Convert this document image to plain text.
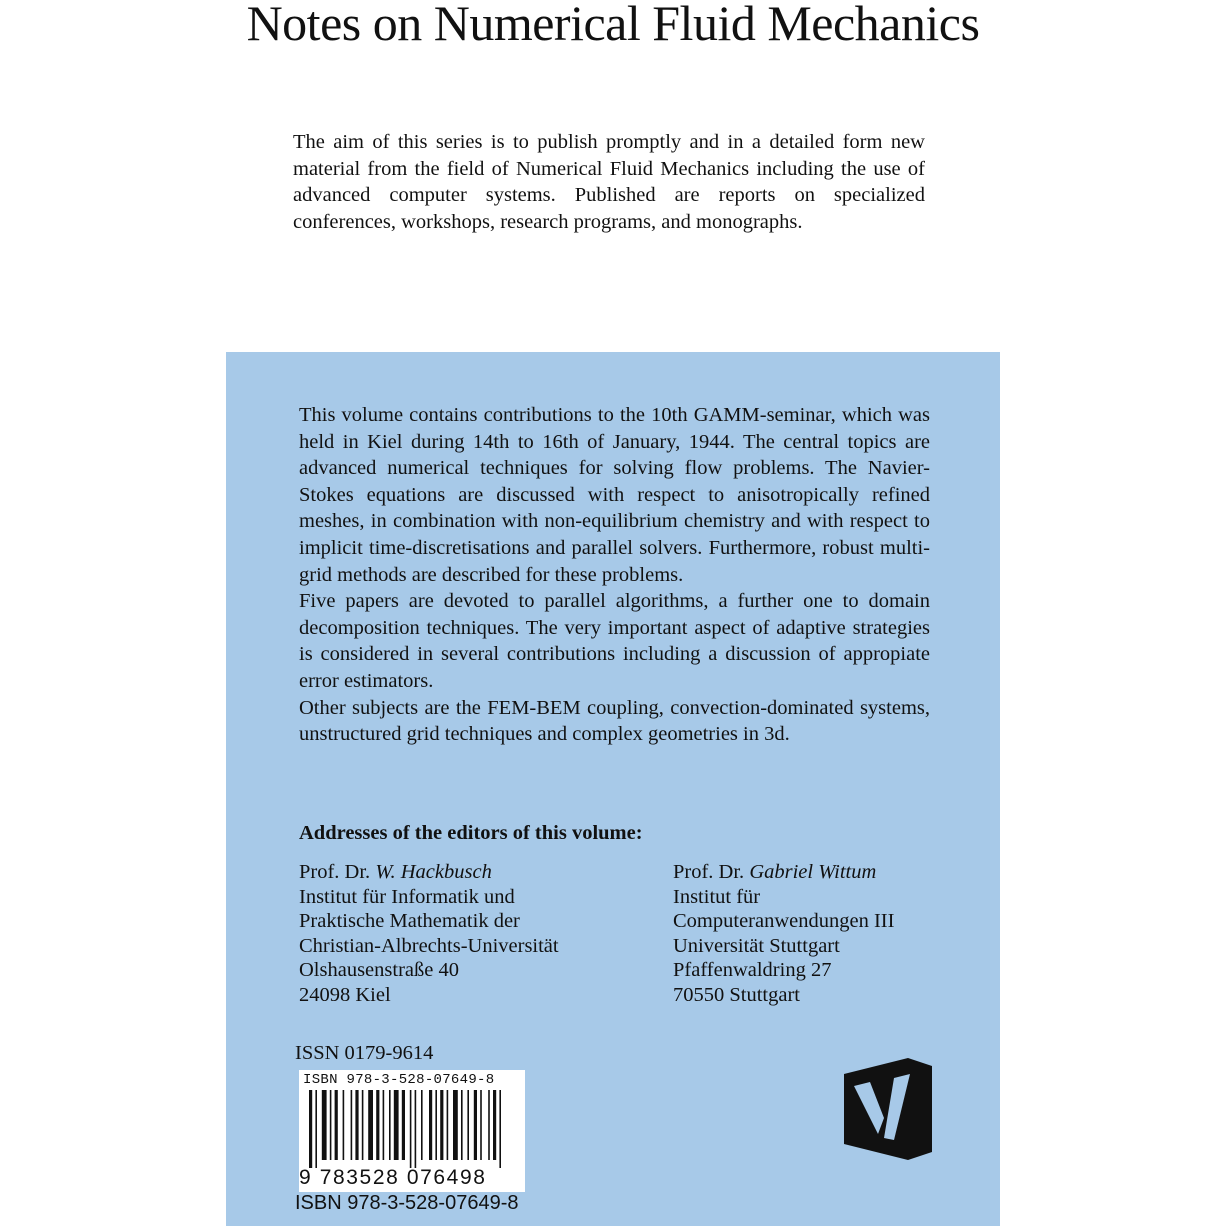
Notes on Numerical Fluid Mechanics

The aim of this series is to publish promptly and in a detailed form new material from the field of Numerical Fluid Mechanics including the use of advanced computer systems. Published are reports on specialized conferences, workshops, research programs, and monographs.

This volume contains contributions to the 10th GAMM-seminar, which was held in Kiel during 14th to 16th of January, 1944. The central topics are advanced numerical techniques for solving flow problems. The Navier-Stokes equations are discussed with respect to anisotropically refined meshes, in combination with non-equilibrium chemistry and with respect to implicit time-discretisations and parallel solvers. Furthermore, robust multi-grid methods are described for these problems.

Five papers are devoted to parallel algorithms, a further one to domain decomposition techniques. The very important aspect of adaptive strategies is considered in several contributions including a discussion of appropiate error estimators.

Other subjects are the FEM-BEM coupling, convection-dominated systems, unstructured grid techniques and complex geometries in 3d.

Addresses of the editors of this volume:
Prof. Dr. W. Hackbusch
Institut für Informatik und
Praktische Mathematik der
Christian-Albrechts-Universität
Olshausenstraße 40
24098 Kiel
Prof. Dr. Gabriel Wittum
Institut für
Computeranwendungen III
Universität Stuttgart
Pfaffenwaldring 27
70550 Stuttgart
ISSN 0179-9614
ISBN 978-3-528-07649-8
9 783528 076498
ISBN 978-3-528-07649-8
